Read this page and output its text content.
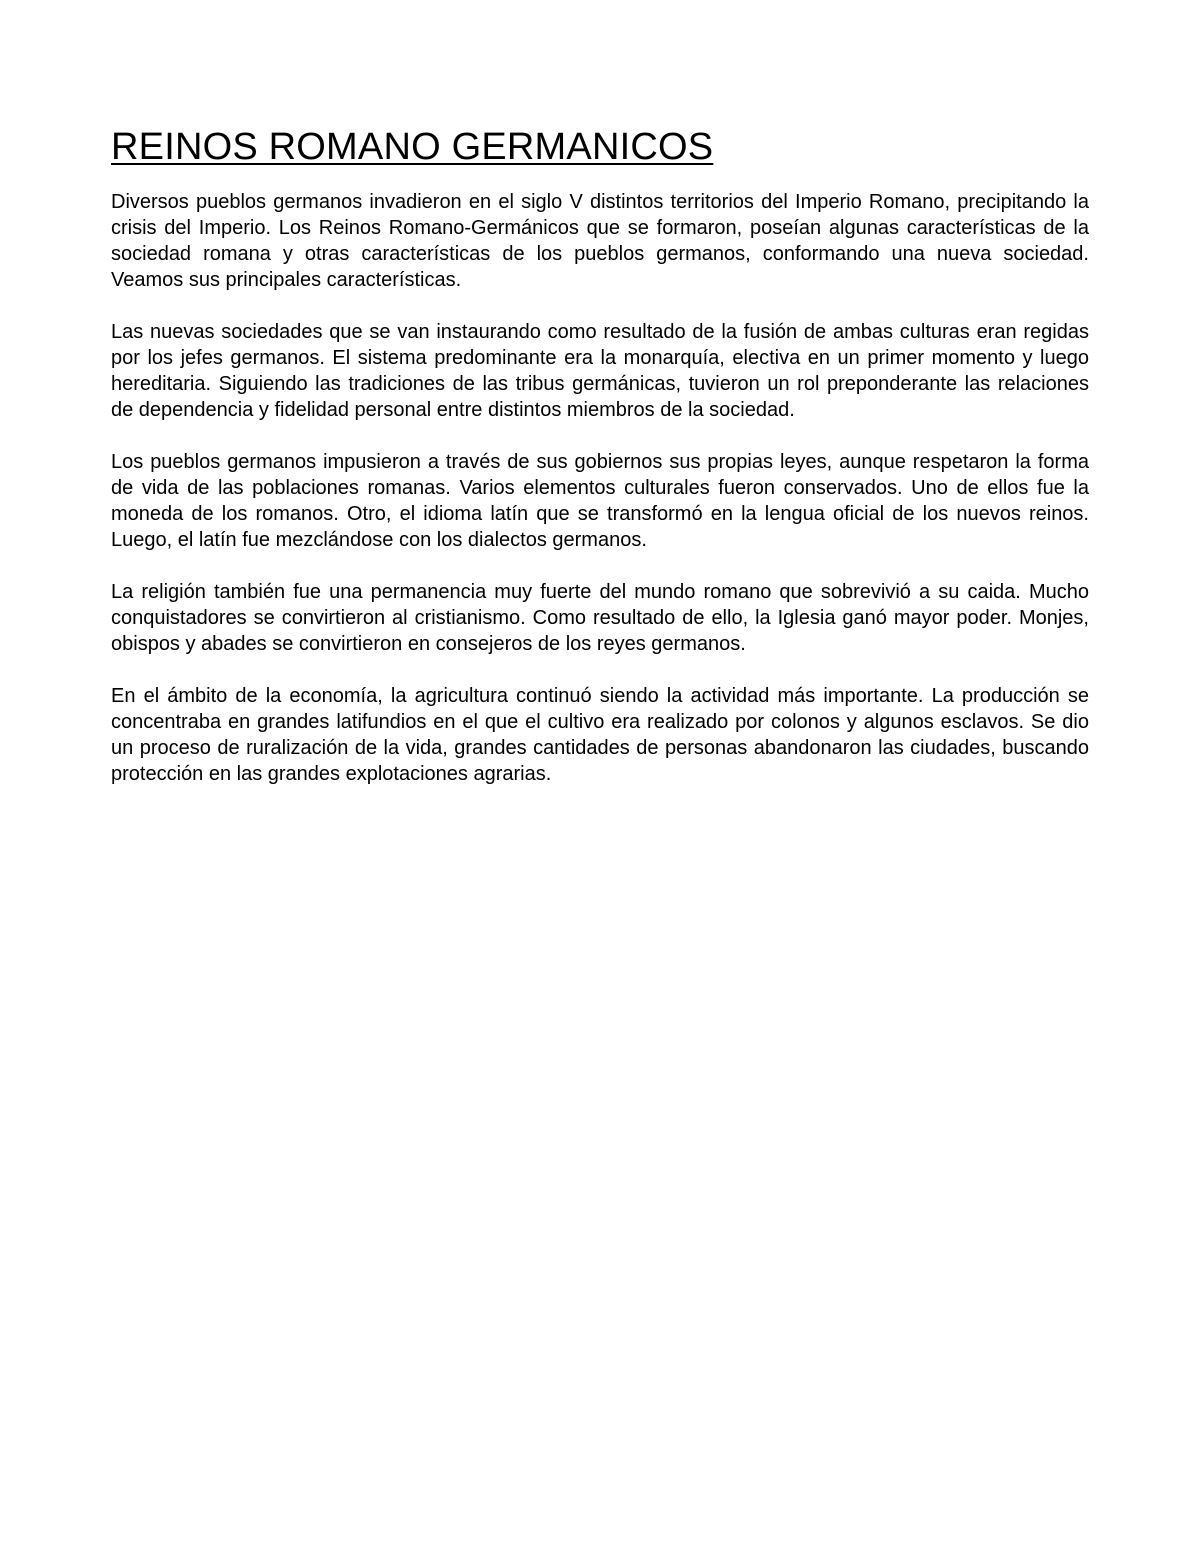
REINOS ROMANO GERMANICOS

Diversos pueblos germanos invadieron en el siglo V distintos territorios del Imperio Romano, precipitando la crisis del Imperio. Los Reinos Romano-Germánicos que se formaron, poseían algunas características de la sociedad romana y otras características de los pueblos germanos, conformando una nueva sociedad. Veamos sus principales características.

Las nuevas sociedades que se van instaurando como resultado de la fusión de ambas culturas eran regidas por los jefes germanos. El sistema predominante era la monarquía, electiva en un primer momento y luego hereditaria. Siguiendo las tradiciones de las tribus germánicas, tuvieron un rol preponderante las relaciones de dependencia y fidelidad personal entre distintos miembros de la sociedad.

Los pueblos germanos impusieron a través de sus gobiernos sus propias leyes, aunque respetaron la forma de vida de las poblaciones romanas. Varios elementos culturales fueron conservados. Uno de ellos fue la moneda de los romanos. Otro, el idioma latín que se transformó en la lengua oficial de los nuevos reinos. Luego, el latín fue mezclándose con los dialectos germanos.

La religión también fue una permanencia muy fuerte del mundo romano que sobrevivió a su caida. Mucho conquistadores se convirtieron al cristianismo. Como resultado de ello, la Iglesia ganó mayor poder. Monjes, obispos y abades se convirtieron en consejeros de los reyes germanos.

En el ámbito de la economía, la agricultura continuó siendo la actividad más importante. La producción se concentraba en grandes latifundios en el que el cultivo era realizado por colonos y algunos esclavos. Se dio un proceso de ruralización de la vida, grandes cantidades de personas abandonaron las ciudades, buscando protección en las grandes explotaciones agrarias.
